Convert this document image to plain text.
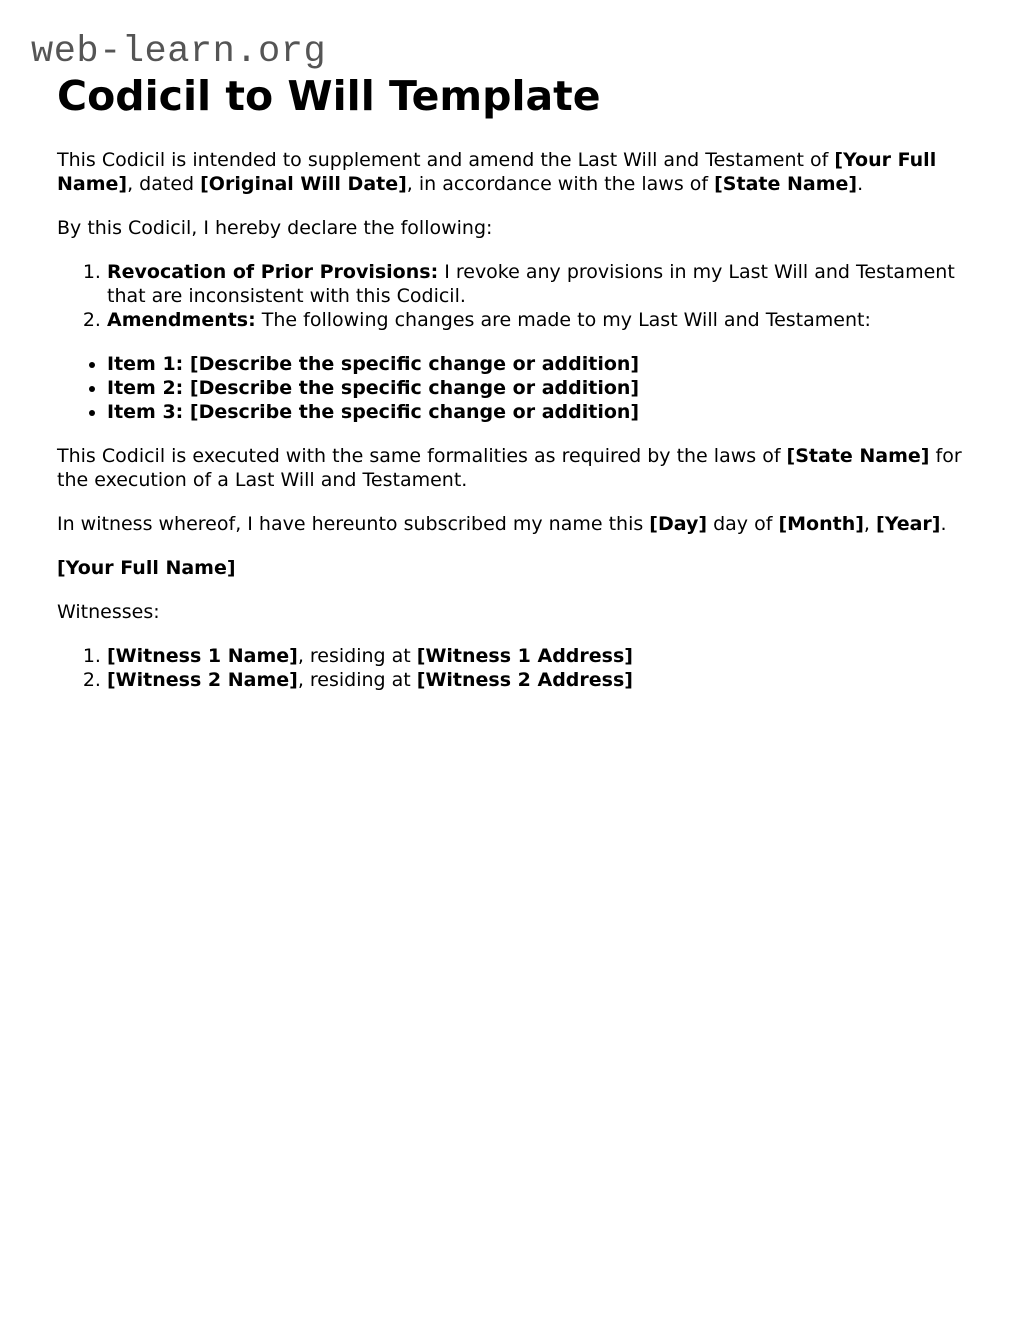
web-learn.org
Codicil to Will Template

This Codicil is intended to supplement and amend the Last Will and Testament of [Your Full Name], dated [Original Will Date], in accordance with the laws of [State Name].

By this Codicil, I hereby declare the following:

1. Revocation of Prior Provisions: I revoke any provisions in my Last Will and Testament that are inconsistent with this Codicil.
2. Amendments: The following changes are made to my Last Will and Testament:
• Item 1: [Describe the specific change or addition]
• Item 2: [Describe the specific change or addition]
• Item 3: [Describe the specific change or addition]

This Codicil is executed with the same formalities as required by the laws of [State Name] for the execution of a Last Will and Testament.

In witness whereof, I have hereunto subscribed my name this [Day] day of [Month], [Year].

[Your Full Name]

Witnesses:

1. [Witness 1 Name], residing at [Witness 1 Address]
2. [Witness 2 Name], residing at [Witness 2 Address]
